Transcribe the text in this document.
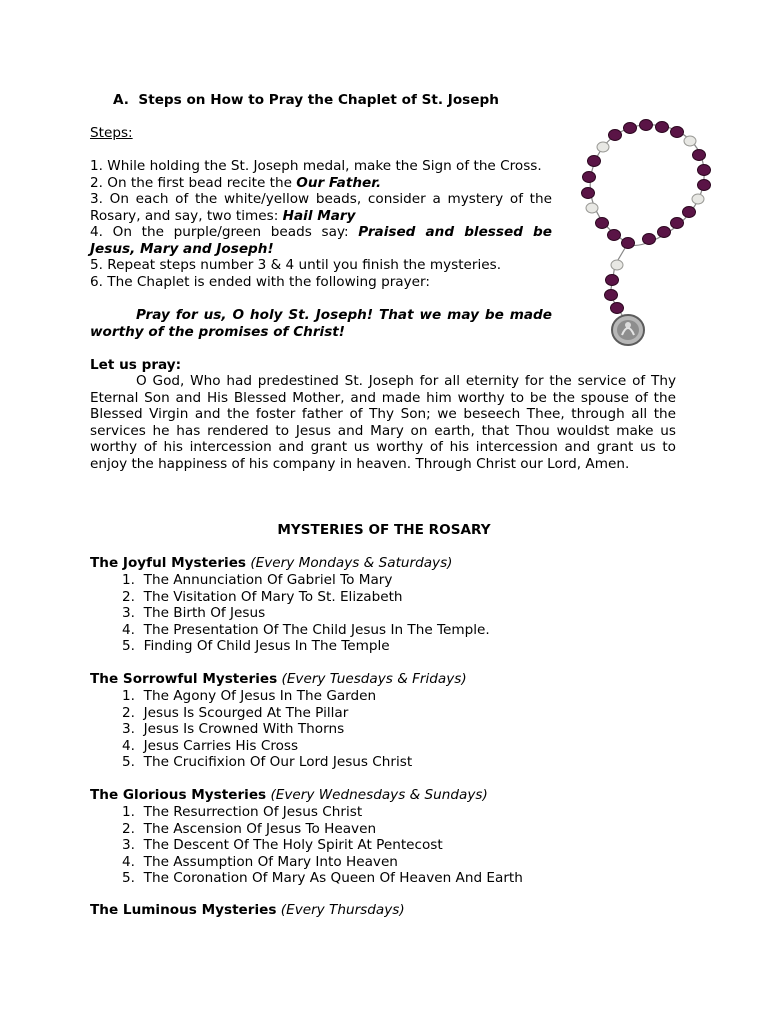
A. Steps on How to Pray the Chaplet of St. Joseph
Steps:
1. While holding the St. Joseph medal, make the Sign of the Cross.
2. On the first bead recite the Our Father.
3. On each of the white/yellow beads, consider a mystery of the Rosary, and say, two times: Hail Mary
4. On the purple/green beads say: Praised and blessed be Jesus, Mary and Joseph!
5. Repeat steps number 3 & 4 until you finish the mysteries.
6. The Chaplet is ended with the following prayer:
Pray for us, O holy St. Joseph! That we may be made worthy of the promises of Christ!
Let us pray:
O God, Who had predestined St. Joseph for all eternity for the service of Thy Eternal Son and His Blessed Mother, and made him worthy to be the spouse of the Blessed Virgin and the foster father of Thy Son; we beseech Thee, through all the services he has rendered to Jesus and Mary on earth, that Thou wouldst make us worthy of his intercession and grant us worthy of his intercession and grant us to enjoy the happiness of his company in heaven. Through Christ our Lord, Amen.
MYSTERIES OF THE ROSARY
The Joyful Mysteries (Every Mondays & Saturdays)
1. The Annunciation Of Gabriel To Mary
2. The Visitation Of Mary To St. Elizabeth
3. The Birth Of Jesus
4. The Presentation Of The Child Jesus In The Temple.
5. Finding Of Child Jesus In The Temple
The Sorrowful Mysteries (Every Tuesdays & Fridays)
1. The Agony Of Jesus In The Garden
2. Jesus Is Scourged At The Pillar
3. Jesus Is Crowned With Thorns
4. Jesus Carries His Cross
5. The Crucifixion Of Our Lord Jesus Christ
The Glorious Mysteries (Every Wednesdays & Sundays)
1. The Resurrection Of Jesus Christ
2. The Ascension Of Jesus To Heaven
3. The Descent Of The Holy Spirit At Pentecost
4. The Assumption Of Mary Into Heaven
5. The Coronation Of Mary As Queen Of Heaven And Earth
The Luminous Mysteries (Every Thursdays)
